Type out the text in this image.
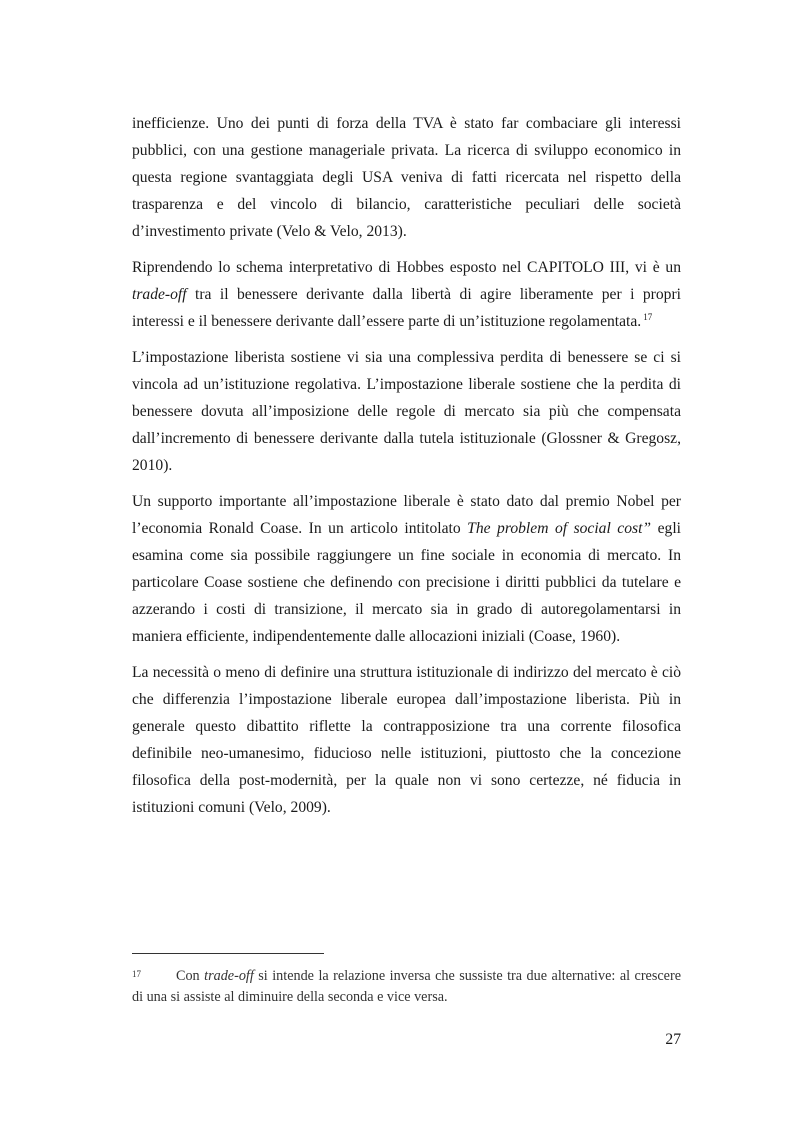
inefficienze. Uno dei punti di forza della TVA è stato far combaciare gli interessi pubblici, con una gestione manageriale privata. La ricerca di sviluppo economico in questa regione svantaggiata degli USA veniva di fatti ricercata nel rispetto della trasparenza e del vincolo di bilancio, caratteristiche peculiari delle società d’investimento private (Velo & Velo, 2013).

Riprendendo lo schema interpretativo di Hobbes esposto nel CAPITOLO III, vi è un trade-off tra il benessere derivante dalla libertà di agire liberamente per i propri interessi e il benessere derivante dall’essere parte di un’istituzione regolamentata. $^{17}$

L’impostazione liberista sostiene vi sia una complessiva perdita di benessere se ci si vincola ad un’istituzione regolativa. L’impostazione liberale sostiene che la perdita di benessere dovuta all’imposizione delle regole di mercato sia più che compensata dall’incremento di benessere derivante dalla tutela istituzionale (Glossner & Gregosz, 2010).

Un supporto importante all’impostazione liberale è stato dato dal premio Nobel per l’economia Ronald Coase. In un articolo intitolato The problem of social cost” egli esamina come sia possibile raggiungere un fine sociale in economia di mercato. In particolare Coase sostiene che definendo con precisione i diritti pubblici da tutelare e azzerando i costi di transizione, il mercato sia in grado di autoregolamentarsi in maniera efficiente, indipendentemente dalle allocazioni iniziali (Coase, 1960).

La necessità o meno di definire una struttura istituzionale di indirizzo del mercato è ciò che differenzia l’impostazione liberale europea dall’impostazione liberista. Più in generale questo dibattito riflette la contrapposizione tra una corrente filosofica definibile neo-umanesimo, fiducioso nelle istituzioni, piuttosto che la concezione filosofica della post-modernità, per la quale non vi sono certezze, né fiducia in istituzioni comuni (Velo, 2009).

17 Con trade-off si intende la relazione inversa che sussiste tra due alternative: al crescere di una si assiste al diminuire della seconda e vice versa.
27
